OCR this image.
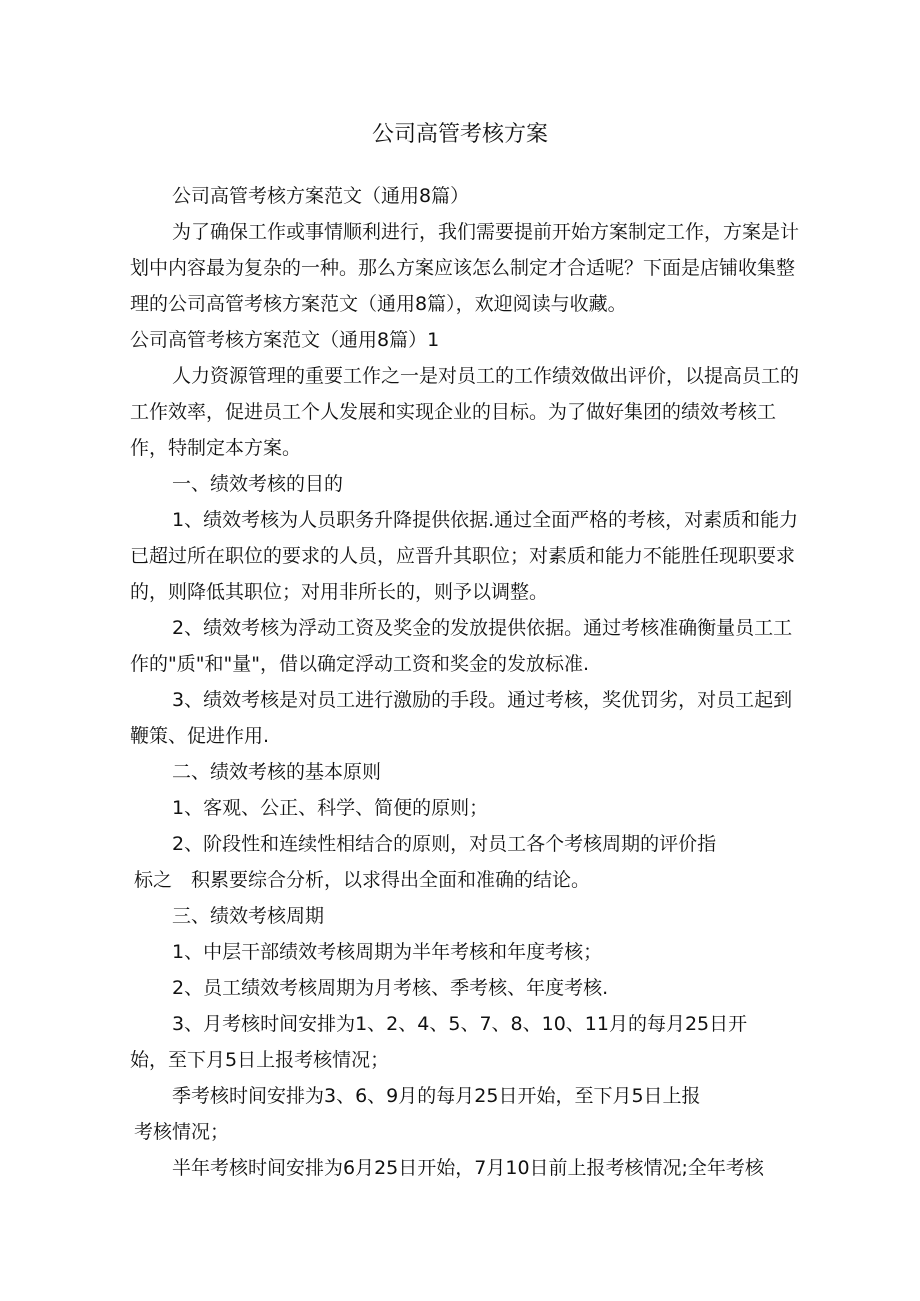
公司高管考核方案

公司高管考核方案范文（通用8篇）

为了确保工作或事情顺利进行，我们需要提前开始方案制定工作，方案是计划中内容最为复杂的一种。那么方案应该怎么制定才合适呢？下面是店铺收集整理的公司高管考核方案范文（通用8篇），欢迎阅读与收藏。

公司高管考核方案范文（通用8篇）1

人力资源管理的重要工作之一是对员工的工作绩效做出评价，以提高员工的工作效率，促进员工个人发展和实现企业的目标。为了做好集团的绩效考核工作，特制定本方案。

一、绩效考核的目的

1、绩效考核为人员职务升降提供依据.通过全面严格的考核，对素质和能力已超过所在职位的要求的人员，应晋升其职位；对素质和能力不能胜任现职要求的，则降低其职位；对用非所长的，则予以调整。

2、绩效考核为浮动工资及奖金的发放提供依据。通过考核准确衡量员工工作的"质"和"量"，借以确定浮动工资和奖金的发放标准.

3、绩效考核是对员工进行激励的手段。通过考核，奖优罚劣，对员工起到鞭策、促进作用.

二、绩效考核的基本原则

1、客观、公正、科学、简便的原则；

2、阶段性和连续性相结合的原则，对员工各个考核周期的评价指

标之　积累要综合分析，以求得出全面和准确的结论。

三、绩效考核周期

1、中层干部绩效考核周期为半年考核和年度考核；

2、员工绩效考核周期为月考核、季考核、年度考核.

3、月考核时间安排为1、2、4、5、7、8、10、11月的每月25日开

始，至下月5日上报考核情况；

季考核时间安排为3、6、9月的每月25日开始，至下月5日上报

考核情况；

半年考核时间安排为6月25日开始，7月10日前上报考核情况;全年考核
